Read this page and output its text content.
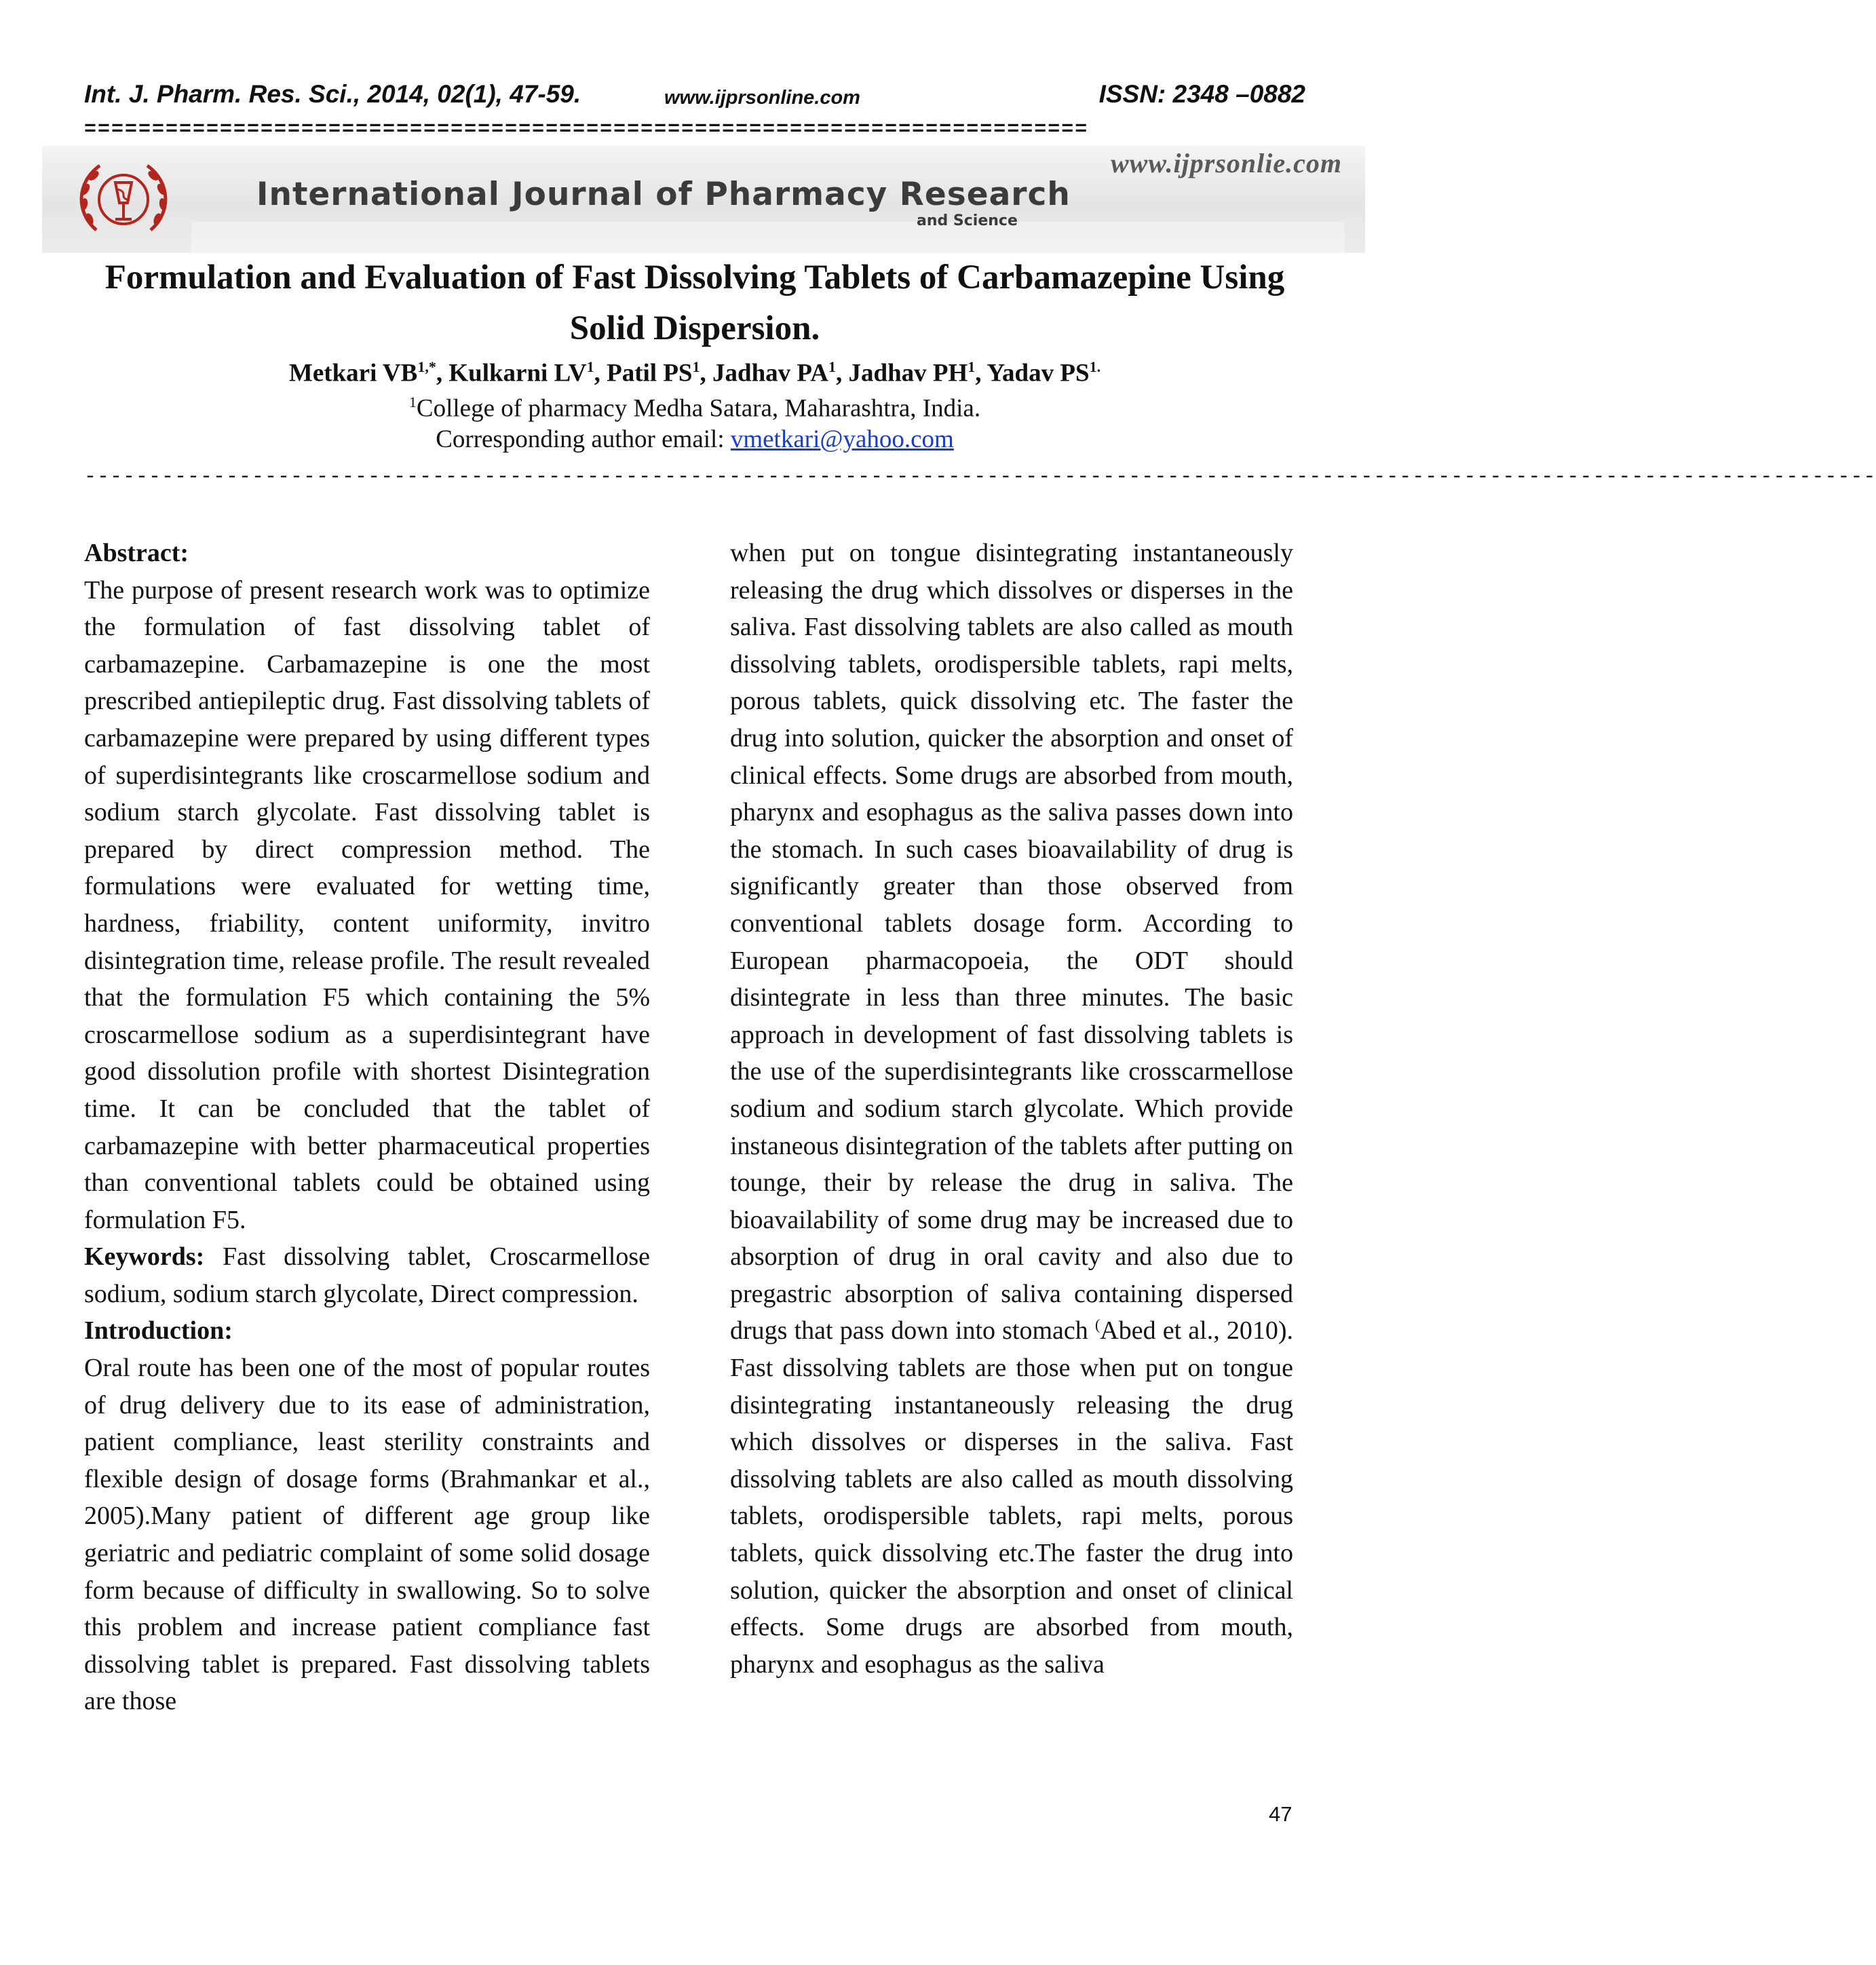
Int. J. Pharm. Res. Sci., 2014, 02(1), 47-59.	www.ijprsonline.com	ISSN: 2348 –0882
==========================================================================
www.ijprsonlie.com
International Journal of Pharmacy Research
and Science
Formulation and Evaluation of Fast Dissolving Tablets of Carbamazepine Using Solid Dispersion.
Metkari $VB^{1,*}$, Kulkarni $LV^1$, Patil $PS^1$, Jadhav $PA^1$, Jadhav $PH^1$, Yadav $PS^{1.}$
$^1$College of pharmacy Medha Satara, Maharashtra, India.
Corresponding author email: vmetkari@yahoo.com
-------------------------------------------------------------------------------------------------------------------------------------------
Abstract:

The purpose of present research work was to optimize the formulation of fast dissolving tablet of carbamazepine. Carbamazepine is one the most prescribed antiepileptic drug. Fast dissolving tablets of carbamazepine were prepared by using different types of superdisintegrants like croscarmellose sodium and sodium starch glycolate. Fast dissolving tablet is prepared by direct compression method. The formulations were evaluated for wetting time, hardness, friability, content uniformity, invitro disintegration time, release profile. The result revealed that the formulation F5 which containing the 5% croscarmellose sodium as a superdisintegrant have good dissolution profile with shortest Disintegration time. It can be concluded that the tablet of carbamazepine with better pharmaceutical properties than conventional tablets could be obtained using formulation F5.

Keywords: Fast dissolving tablet, Croscarmellose sodium, sodium starch glycolate, Direct compression.

Introduction:

Oral route has been one of the most of popular routes of drug delivery due to its ease of administration, patient compliance, least sterility constraints and flexible design of dosage forms (Brahmankar et al., 2005).Many patient of different age group like geriatric and pediatric complaint of some solid dosage form because of difficulty in swallowing. So to solve this problem and increase patient compliance fast dissolving tablet is prepared. Fast dissolving tablets are those

when put on tongue disintegrating instantaneously releasing the drug which dissolves or disperses in the saliva. Fast dissolving tablets are also called as mouth dissolving tablets, orodispersible tablets, rapi melts, porous tablets, quick dissolving etc. The faster the drug into solution, quicker the absorption and onset of clinical effects. Some drugs are absorbed from mouth, pharynx and esophagus as the saliva passes down into the stomach. In such cases bioavailability of drug is significantly greater than those observed from conventional tablets dosage form. According to European pharmacopoeia, the ODT should disintegrate in less than three minutes. The basic approach in development of fast dissolving tablets is the use of the superdisintegrants like crosscarmellose sodium and sodium starch glycolate. Which provide instaneous disintegration of the tablets after putting on tounge, their by release the drug in saliva. The bioavailability of some drug may be increased due to absorption of drug in oral cavity and also due to pregastric absorption of saliva containing dispersed drugs that pass down into stomach (Abed et al., 2010). Fast dissolving tablets are those when put on tongue disintegrating instantaneously releasing the drug which dissolves or disperses in the saliva. Fast dissolving tablets are also called as mouth dissolving tablets, orodispersible tablets, rapi melts, porous tablets, quick dissolving etc.The faster the drug into solution, quicker the absorption and onset of clinical effects. Some drugs are absorbed from mouth, pharynx and esophagus as the saliva

47
